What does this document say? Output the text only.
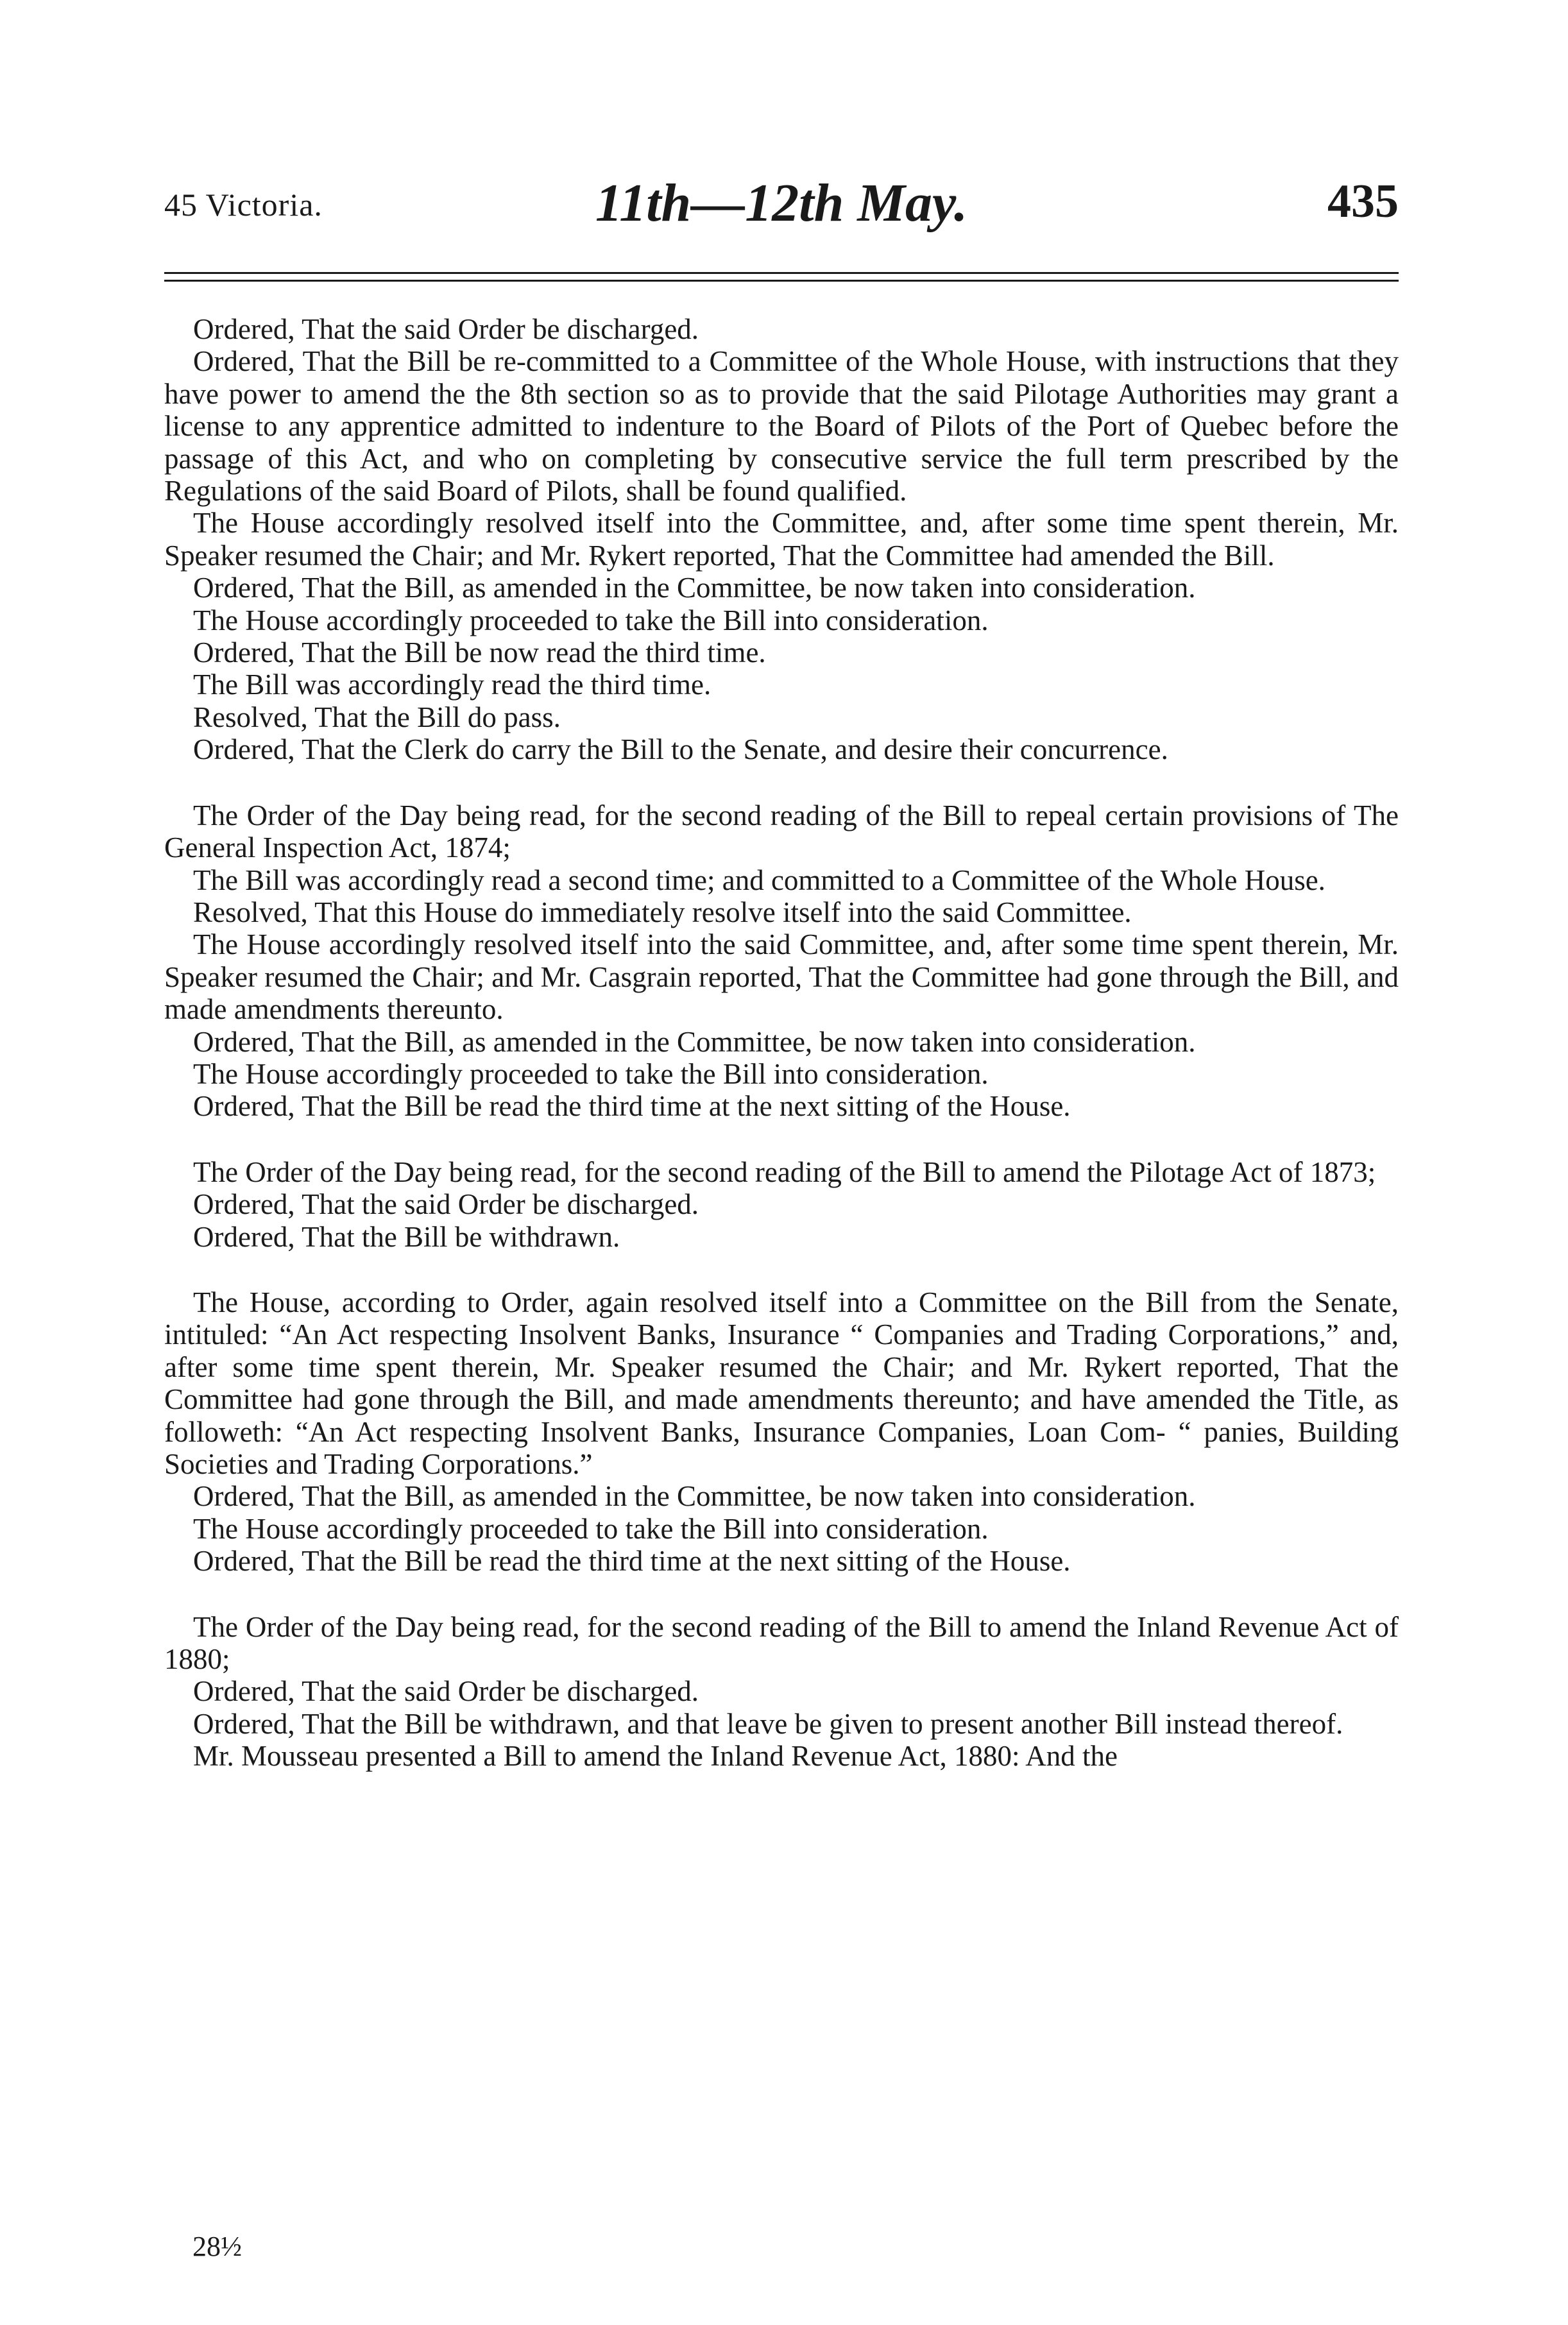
45 Victoria.	11th—12th May.	435

Ordered, That the said Order be discharged.

Ordered, That the Bill be re-committed to a Committee of the Whole House, with instructions that they have power to amend the the 8th section so as to provide that the said Pilotage Authorities may grant a license to any apprentice admitted to indenture to the Board of Pilots of the Port of Quebec before the passage of this Act, and who on completing by consecutive service the full term prescribed by the Regulations of the said Board of Pilots, shall be found qualified.

The House accordingly resolved itself into the Committee, and, after some time spent therein, Mr. Speaker resumed the Chair; and Mr. Rykert reported, That the Committee had amended the Bill.

Ordered, That the Bill, as amended in the Committee, be now taken into consideration.

The House accordingly proceeded to take the Bill into consideration.

Ordered, That the Bill be now read the third time.

The Bill was accordingly read the third time.

Resolved, That the Bill do pass.

Ordered, That the Clerk do carry the Bill to the Senate, and desire their concurrence.

The Order of the Day being read, for the second reading of the Bill to repeal certain provisions of The General Inspection Act, 1874;

The Bill was accordingly read a second time; and committed to a Committee of the Whole House.

Resolved, That this House do immediately resolve itself into the said Committee.

The House accordingly resolved itself into the said Committee, and, after some time spent therein, Mr. Speaker resumed the Chair; and Mr. Casgrain reported, That the Committee had gone through the Bill, and made amendments thereunto.

Ordered, That the Bill, as amended in the Committee, be now taken into consideration.

The House accordingly proceeded to take the Bill into consideration.

Ordered, That the Bill be read the third time at the next sitting of the House.

The Order of the Day being read, for the second reading of the Bill to amend the Pilotage Act of 1873;

Ordered, That the said Order be discharged.

Ordered, That the Bill be withdrawn.

The House, according to Order, again resolved itself into a Committee on the Bill from the Senate, intituled: “An Act respecting Insolvent Banks, Insurance “ Companies and Trading Corporations,” and, after some time spent therein, Mr. Speaker resumed the Chair; and Mr. Rykert reported, That the Committee had gone through the Bill, and made amendments thereunto; and have amended the Title, as followeth: “An Act respecting Insolvent Banks, Insurance Companies, Loan Com- “ panies, Building Societies and Trading Corporations.”

Ordered, That the Bill, as amended in the Committee, be now taken into consideration.

The House accordingly proceeded to take the Bill into consideration.

Ordered, That the Bill be read the third time at the next sitting of the House.

The Order of the Day being read, for the second reading of the Bill to amend the Inland Revenue Act of 1880;

Ordered, That the said Order be discharged.

Ordered, That the Bill be withdrawn, and that leave be given to present another Bill instead thereof.

Mr. Mousseau presented a Bill to amend the Inland Revenue Act, 1880: And the

28½
